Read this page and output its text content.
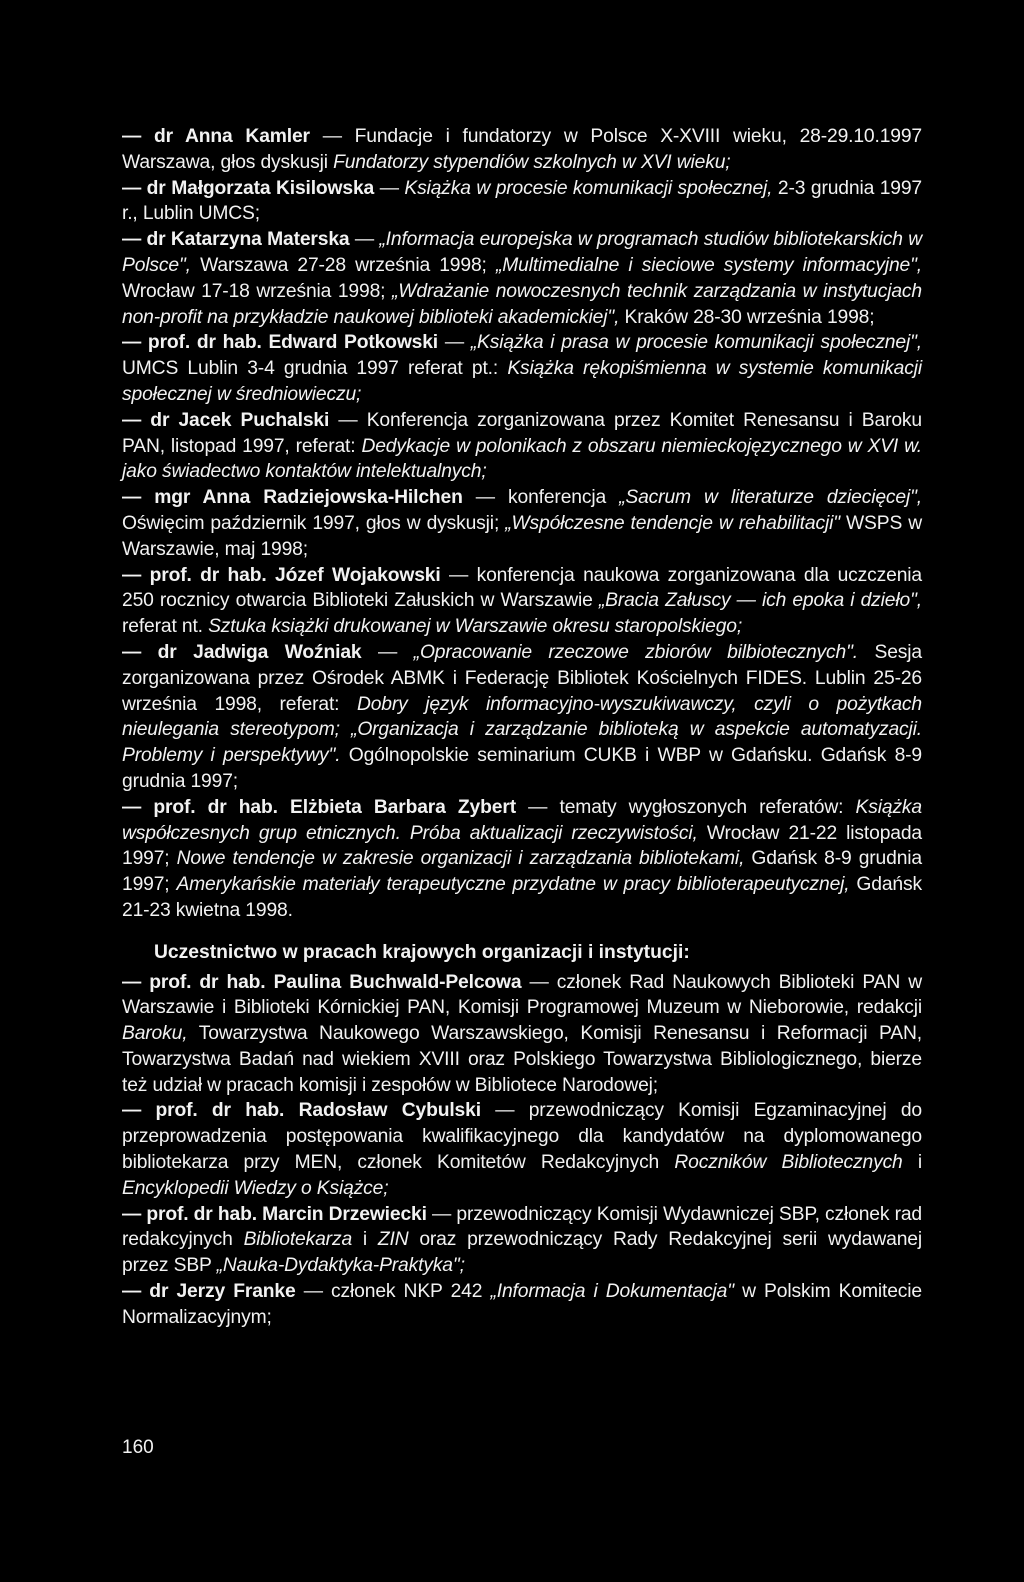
— dr Anna Kamler — Fundacje i fundatorzy w Polsce X-XVIII wieku, 28-29.10.1997 Warszawa, głos dyskusji Fundatorzy stypendiów szkolnych w XVI wieku;

— dr Małgorzata Kisilowska — Książka w procesie komunikacji społecznej, 2-3 grudnia 1997 r., Lublin UMCS;

— dr Katarzyna Materska — „Informacja europejska w programach studiów bibliotekarskich w Polsce", Warszawa 27-28 września 1998; „Multimedialne i sieciowe systemy informacyjne", Wrocław 17-18 września 1998; „Wdrażanie nowoczesnych technik zarządzania w instytucjach non-profit na przykładzie naukowej biblioteki akademickiej", Kraków 28-30 września 1998;

— prof. dr hab. Edward Potkowski — „Książka i prasa w procesie komunikacji społecznej", UMCS Lublin 3-4 grudnia 1997 referat pt.: Książka rękopiśmienna w systemie komunikacji społecznej w średniowieczu;

— dr Jacek Puchalski — Konferencja zorganizowana przez Komitet Renesansu i Baroku PAN, listopad 1997, referat: Dedykacje w polonikach z obszaru niemieckojęzycznego w XVI w. jako świadectwo kontaktów intelektualnych;

— mgr Anna Radziejowska-Hilchen — konferencja „Sacrum w literaturze dziecięcej", Oświęcim październik 1997, głos w dyskusji; „Współczesne tendencje w rehabilitacji" WSPS w Warszawie, maj 1998;

— prof. dr hab. Józef Wojakowski — konferencja naukowa zorganizowana dla uczczenia 250 rocznicy otwarcia Biblioteki Załuskich w Warszawie „Bracia Załuscy — ich epoka i dzieło", referat nt. Sztuka książki drukowanej w Warszawie okresu staropolskiego;

— dr Jadwiga Woźniak — „Opracowanie rzeczowe zbiorów bilbiotecznych". Sesja zorganizowana przez Ośrodek ABMK i Federację Bibliotek Kościelnych FIDES. Lublin 25-26 września 1998, referat: Dobry język informacyjno-wyszukiwawczy, czyli o pożytkach nieulegania stereotypom; „Organizacja i zarządzanie biblioteką w aspekcie automatyzacji. Problemy i perspektywy". Ogólnopolskie seminarium CUKB i WBP w Gdańsku. Gdańsk 8-9 grudnia 1997;

— prof. dr hab. Elżbieta Barbara Zybert — tematy wygłoszonych referatów: Książka współczesnych grup etnicznych. Próba aktualizacji rzeczywistości, Wrocław 21-22 listopada 1997; Nowe tendencje w zakresie organizacji i zarządzania bibliotekami, Gdańsk 8-9 grudnia 1997; Amerykańskie materiały terapeutyczne przydatne w pracy biblioterapeutycznej, Gdańsk 21-23 kwietna 1998.

Uczestnictwo w pracach krajowych organizacji i instytucji:

— prof. dr hab. Paulina Buchwald-Pelcowa — członek Rad Naukowych Biblioteki PAN w Warszawie i Biblioteki Kórnickiej PAN, Komisji Programowej Muzeum w Nieborowie, redakcji Baroku, Towarzystwa Naukowego Warszawskiego, Komisji Renesansu i Reformacji PAN, Towarzystwa Badań nad wiekiem XVIII oraz Polskiego Towarzystwa Bibliologicznego, bierze też udział w pracach komisji i zespołów w Bibliotece Narodowej;

— prof. dr hab. Radosław Cybulski — przewodniczący Komisji Egzaminacyjnej do przeprowadzenia postępowania kwalifikacyjnego dla kandydatów na dyplomowanego bibliotekarza przy MEN, członek Komitetów Redakcyjnych Roczników Bibliotecznych i Encyklopedii Wiedzy o Książce;

— prof. dr hab. Marcin Drzewiecki — przewodniczący Komisji Wydawniczej SBP, członek rad redakcyjnych Bibliotekarza i ZIN oraz przewodniczący Rady Redakcyjnej serii wydawanej przez SBP „Nauka-Dydaktyka-Praktyka";

— dr Jerzy Franke — członek NKP 242 „Informacja i Dokumentacja" w Polskim Komitecie Normalizacyjnym;

160
